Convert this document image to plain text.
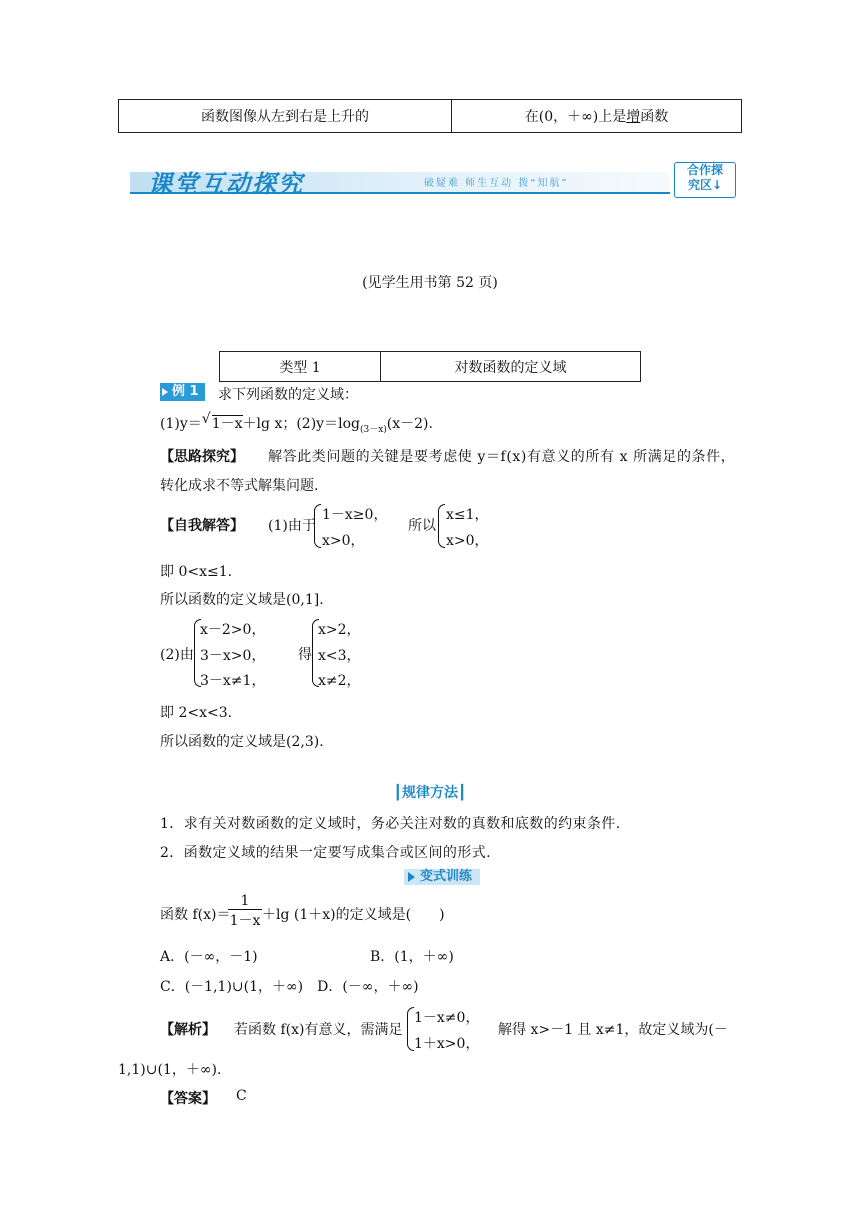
函数图像从左到右是上升的	在(0，＋∞)上是增函数
课堂互动探究	破疑难 师生互动 拨“知航”
合作探
究区↓
(见学生用书第 52 页)
类型 1	对数函数的定义域
例 1	求下列函数的定义域：
(1)y＝ √ 1－x＋lg x；$(2)y=\log_{(3-x)}(x-2)$.
【思路探究】 解答此类问题的关键是要考虑使 y＝f(x)有意义的所有 x 所满足的条件，
转化成求不等式解集问题.
【自我解答】 (1)由于
1－x≥0，
x>0，
所以
x≤1，
x>0，
即 0<x≤1.
所以函数的定义域是(0,1].
(2)由
x－2>0，
3－x>0，
3－x≠1，
得
x>2，
x<3，
x≠2，
即 2<x<3.
所以函数的定义域是(2,3).
┃规律方法┃
1．求有关对数函数的定义域时，务必关注对数的真数和底数的约束条件.
2．函数定义域的结果一定要写成集合或区间的形式.
变式训练
函数 f(x)＝
$\frac{1}{1-x} +\lg$ (1＋x)的定义域是(　　)
A．(－∞，－1)	B．(1，＋∞)
C．(－1,1)∪(1，＋∞)　D．(－∞，＋∞)
【解析】 若函数 f(x)有意义，需满足
1－x≠0，
1＋x>0，
解得 x>－1 且 x≠1，故定义域为(－
1,1)∪(1，＋∞).
【答案】 C
